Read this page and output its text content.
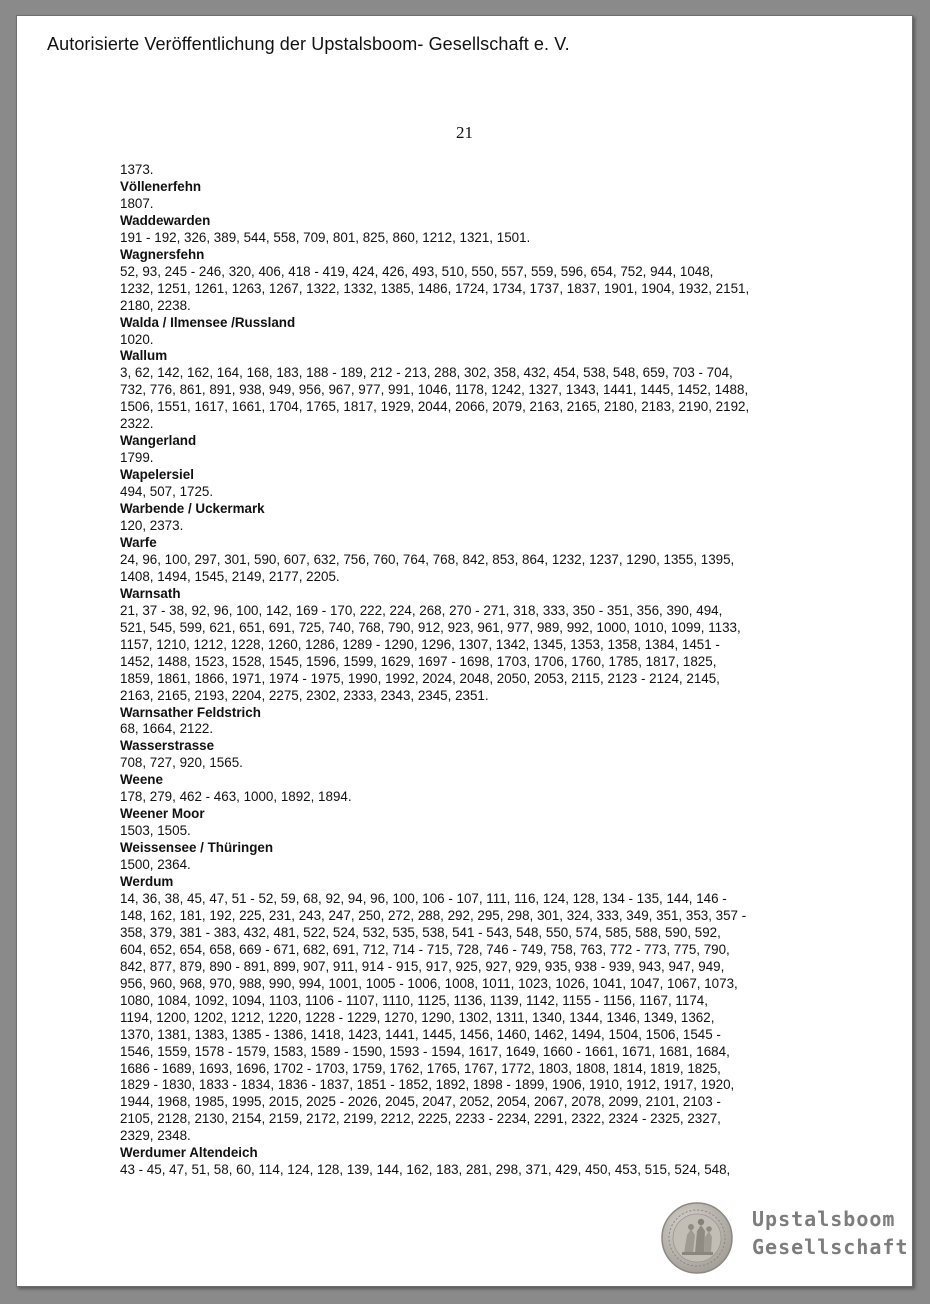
Autorisierte Veröffentlichung der Upstalsboom- Gesellschaft e. V.
21
1373.
Völlenerfehn
1807.
Waddewarden
191 - 192, 326, 389, 544, 558, 709, 801, 825, 860, 1212, 1321, 1501.
Wagnersfehn
52, 93, 245 - 246, 320, 406, 418 - 419, 424, 426, 493, 510, 550, 557, 559, 596, 654, 752, 944, 1048,
1232, 1251, 1261, 1263, 1267, 1322, 1332, 1385, 1486, 1724, 1734, 1737, 1837, 1901, 1904, 1932, 2151,
2180, 2238.
Walda / Ilmensee /Russland
1020.
Wallum
3, 62, 142, 162, 164, 168, 183, 188 - 189, 212 - 213, 288, 302, 358, 432, 454, 538, 548, 659, 703 - 704,
732, 776, 861, 891, 938, 949, 956, 967, 977, 991, 1046, 1178, 1242, 1327, 1343, 1441, 1445, 1452, 1488,
1506, 1551, 1617, 1661, 1704, 1765, 1817, 1929, 2044, 2066, 2079, 2163, 2165, 2180, 2183, 2190, 2192,
2322.
Wangerland
1799.
Wapelersiel
494, 507, 1725.
Warbende / Uckermark
120, 2373.
Warfe
24, 96, 100, 297, 301, 590, 607, 632, 756, 760, 764, 768, 842, 853, 864, 1232, 1237, 1290, 1355, 1395,
1408, 1494, 1545, 2149, 2177, 2205.
Warnsath
21, 37 - 38, 92, 96, 100, 142, 169 - 170, 222, 224, 268, 270 - 271, 318, 333, 350 - 351, 356, 390, 494,
521, 545, 599, 621, 651, 691, 725, 740, 768, 790, 912, 923, 961, 977, 989, 992, 1000, 1010, 1099, 1133,
1157, 1210, 1212, 1228, 1260, 1286, 1289 - 1290, 1296, 1307, 1342, 1345, 1353, 1358, 1384, 1451 -
1452, 1488, 1523, 1528, 1545, 1596, 1599, 1629, 1697 - 1698, 1703, 1706, 1760, 1785, 1817, 1825,
1859, 1861, 1866, 1971, 1974 - 1975, 1990, 1992, 2024, 2048, 2050, 2053, 2115, 2123 - 2124, 2145,
2163, 2165, 2193, 2204, 2275, 2302, 2333, 2343, 2345, 2351.
Warnsather Feldstrich
68, 1664, 2122.
Wasserstrasse
708, 727, 920, 1565.
Weene
178, 279, 462 - 463, 1000, 1892, 1894.
Weener Moor
1503, 1505.
Weissensee / Thüringen
1500, 2364.
Werdum
14, 36, 38, 45, 47, 51 - 52, 59, 68, 92, 94, 96, 100, 106 - 107, 111, 116, 124, 128, 134 - 135, 144, 146 -
148, 162, 181, 192, 225, 231, 243, 247, 250, 272, 288, 292, 295, 298, 301, 324, 333, 349, 351, 353, 357 -
358, 379, 381 - 383, 432, 481, 522, 524, 532, 535, 538, 541 - 543, 548, 550, 574, 585, 588, 590, 592,
604, 652, 654, 658, 669 - 671, 682, 691, 712, 714 - 715, 728, 746 - 749, 758, 763, 772 - 773, 775, 790,
842, 877, 879, 890 - 891, 899, 907, 911, 914 - 915, 917, 925, 927, 929, 935, 938 - 939, 943, 947, 949,
956, 960, 968, 970, 988, 990, 994, 1001, 1005 - 1006, 1008, 1011, 1023, 1026, 1041, 1047, 1067, 1073,
1080, 1084, 1092, 1094, 1103, 1106 - 1107, 1110, 1125, 1136, 1139, 1142, 1155 - 1156, 1167, 1174,
1194, 1200, 1202, 1212, 1220, 1228 - 1229, 1270, 1290, 1302, 1311, 1340, 1344, 1346, 1349, 1362,
1370, 1381, 1383, 1385 - 1386, 1418, 1423, 1441, 1445, 1456, 1460, 1462, 1494, 1504, 1506, 1545 -
1546, 1559, 1578 - 1579, 1583, 1589 - 1590, 1593 - 1594, 1617, 1649, 1660 - 1661, 1671, 1681, 1684,
1686 - 1689, 1693, 1696, 1702 - 1703, 1759, 1762, 1765, 1767, 1772, 1803, 1808, 1814, 1819, 1825,
1829 - 1830, 1833 - 1834, 1836 - 1837, 1851 - 1852, 1892, 1898 - 1899, 1906, 1910, 1912, 1917, 1920,
1944, 1968, 1985, 1995, 2015, 2025 - 2026, 2045, 2047, 2052, 2054, 2067, 2078, 2099, 2101, 2103 -
2105, 2128, 2130, 2154, 2159, 2172, 2199, 2212, 2225, 2233 - 2234, 2291, 2322, 2324 - 2325, 2327,
2329, 2348.
Werdumer Altendeich
43 - 45, 47, 51, 58, 60, 114, 124, 128, 139, 144, 162, 183, 281, 298, 371, 429, 450, 453, 515, 524, 548,
Upstalsboom
Gesellschaft
